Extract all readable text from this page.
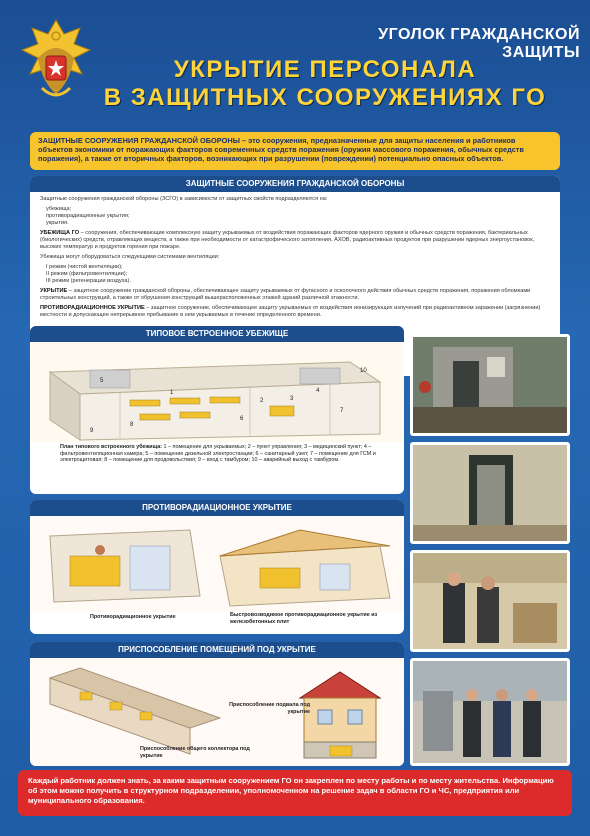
УГОЛОК ГРАЖДАНСКОЙ ЗАЩИТЫ
УКРЫТИЕ ПЕРСОНАЛА
В ЗАЩИТНЫХ СООРУЖЕНИЯХ ГО

ЗАЩИТНЫЕ СООРУЖЕНИЯ ГРАЖДАНСКОЙ ОБОРОНЫ – это сооружения, предназначенные для защиты населения и работников объектов экономики от поражающих факторов современных средств поражения (оружия массового поражения, обычных средств поражения), а также от вторичных факторов, возникающих при разрушении (повреждении) потенциально опасных объектов.

ЗАЩИТНЫЕ СООРУЖЕНИЯ ГРАЖДАНСКОЙ ОБОРОНЫ

Защитные сооружения гражданской обороны (ЗСГО) в зависимости от защитных свойств подразделяются на:

убежища;
противорадиационные укрытия;
укрытия.

УБЕЖИЩА ГО – сооружения, обеспечивающие комплексную защиту укрываемых от воздействия поражающих факторов ядерного оружия и обычных средств поражения, бактериальных (биологических) средств, отравляющих веществ, а также при необходимости от катастрофического затопления, АХОВ, радиоактивных продуктов при разрушении ядерных энергоустановок, высоких температур и продуктов горения при пожаре.

Убежища могут оборудоваться следующими системами вентиляции:

I режим (чистой вентиляции);
II режим (фильтровентиляции);
III режим (регенерации воздуха).

УКРЫТИЕ – защитное сооружение гражданской обороны, обеспечивающее защиту укрываемых от фугасного и осколочного действия обычных средств поражения, поражения обломками строительных конструкций, а также от обрушения конструкций вышерасположенных этажей зданий различной этажности.

ПРОТИВОРАДИАЦИОННОЕ УКРЫТИЕ – защитное сооружение, обеспечивающее защиту укрываемых от воздействия ионизирующих излучений при радиоактивном заражении (загрязнении) местности и допускающее непрерывное пребывание в нем укрываемых в течение определенного времени.

ТИПОВОЕ ВСТРОЕННОЕ УБЕЖИЩЕ
1
2	3
4
5
6
7
8
9
10
План типового встроенного убежища: 1 – помещение для укрываемых; 2 – пункт управления; 3 – медицинский пункт; 4 – фильтровентиляционная камера; 5 – помещение дизельной электростанции; 6 – санитарный узел; 7 – помещение для ГСМ и электрощитовая; 8 – помещение для продовольствия; 9 – вход с тамбуром; 10 – аварийный выход с тамбуром.
ПРОТИВОРАДИАЦИОННОЕ УКРЫТИЕ
Противорадиационное укрытие	Быстровозводимое противорадиационное укрытие из железобетонных плит
ПРИСПОСОБЛЕНИЕ ПОМЕЩЕНИЙ ПОД УКРЫТИЕ
Приспособление подвала под укрытие
Приспособление общего коллектора под укрытие

Каждый работник должен знать, за каким защитным сооружением ГО он закреплен по месту работы и по месту жительства. Информацию об этом можно получить в структурном подразделении, уполномоченном на решение задач в области ГО и ЧС, предприятия или муниципального образования.
